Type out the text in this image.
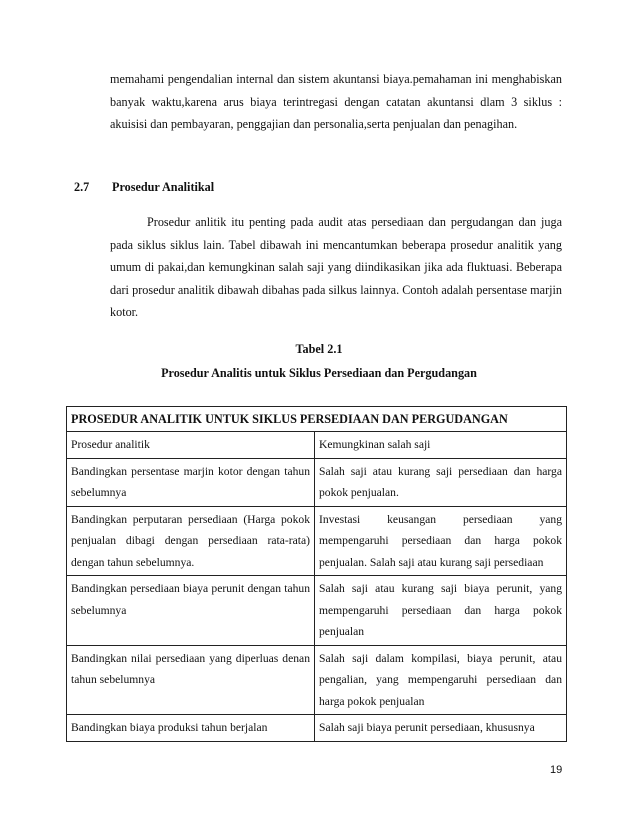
memahami pengendalian internal dan sistem akuntansi biaya.pemahaman ini menghabiskan banyak waktu,karena arus biaya terintregasi dengan catatan akuntansi dlam 3 siklus : akuisisi dan pembayaran, penggajian dan personalia,serta penjualan dan penagihan.
2.7 Prosedur Analitikal
Prosedur anlitik itu penting pada audit atas persediaan dan pergudangan dan juga pada siklus siklus lain. Tabel dibawah ini mencantumkan beberapa prosedur analitik yang umum di pakai,dan kemungkinan salah saji yang diindikasikan jika ada fluktuasi. Beberapa dari prosedur analitik dibawah dibahas pada silkus lainnya. Contoh adalah persentase marjin kotor.
Tabel 2.1
Prosedur Analitis untuk Siklus Persediaan dan Pergudangan
PROSEDUR ANALITIK UNTUK SIKLUS PERSEDIAAN DAN PERGUDANGAN	
Prosedur analitik	Kemungkinan salah saji
Bandingkan persentase marjin kotor dengan tahun sebelumnya	Salah saji atau kurang saji persediaan dan harga pokok penjualan.
Bandingkan perputaran persediaan (Harga pokok penjualan dibagi dengan persediaan rata-rata) dengan tahun sebelumnya.	Investasi keusangan persediaan yang mempengaruhi persediaan dan harga pokok penjualan. Salah saji atau kurang saji persediaan
Bandingkan persediaan biaya perunit dengan tahun sebelumnya	Salah saji atau kurang saji biaya perunit, yang mempengaruhi persediaan dan harga pokok penjualan
Bandingkan nilai persediaan yang diperluas denan tahun sebelumnya	Salah saji dalam kompilasi, biaya perunit, atau pengalian, yang mempengaruhi persediaan dan harga pokok penjualan
Bandingkan biaya produksi tahun berjalan	Salah saji biaya perunit persediaan, khususnya
19
